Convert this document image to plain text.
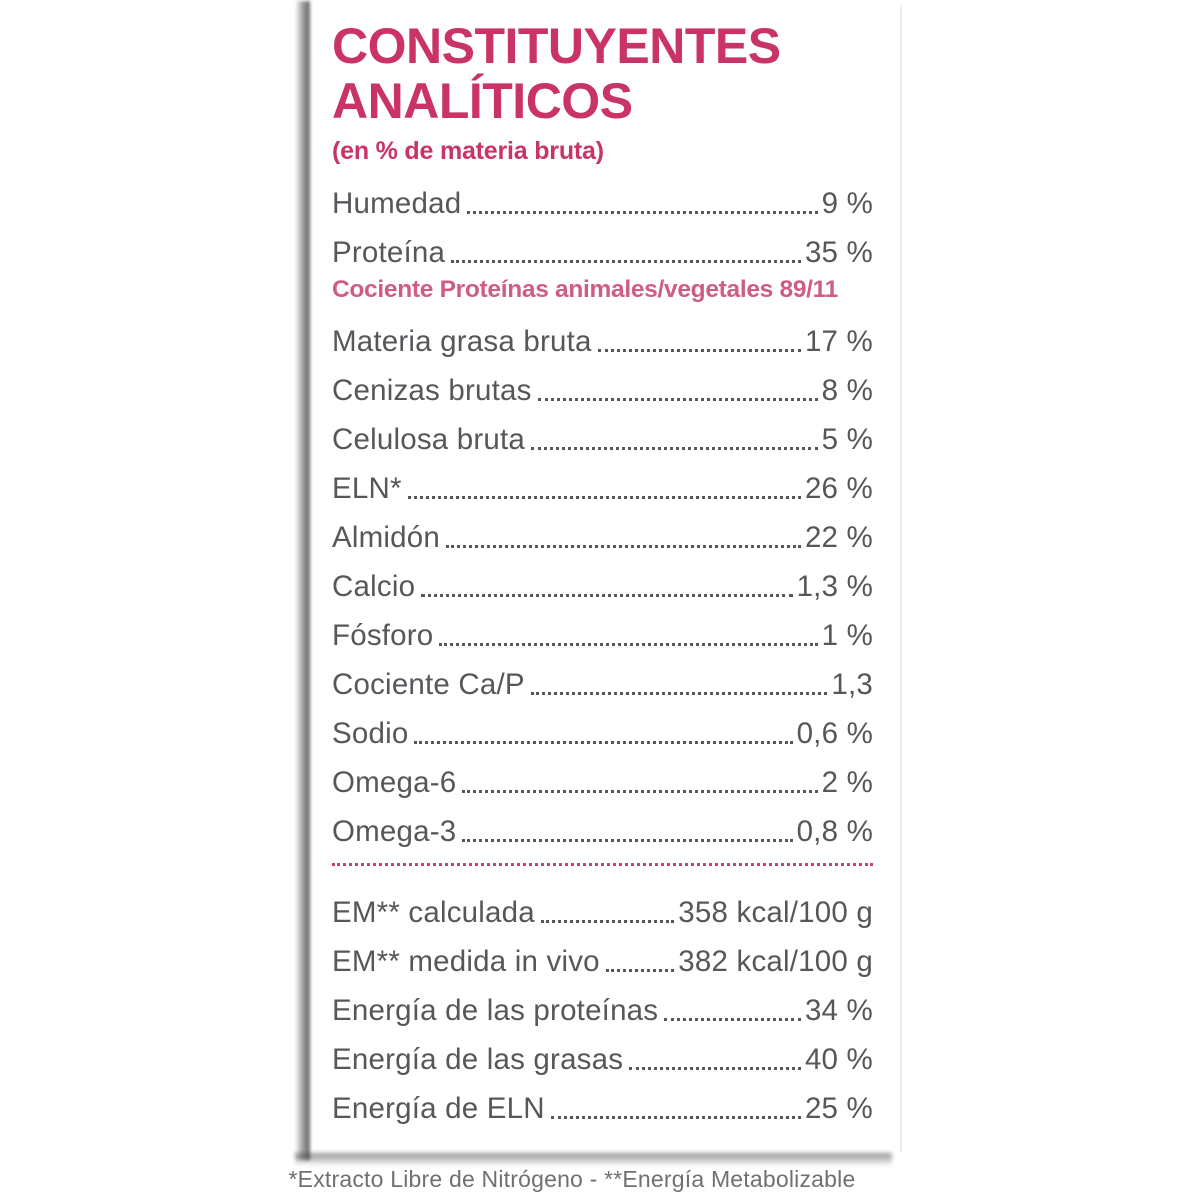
CONSTITUYENTES
ANALÍTICOS
(en % de materia bruta)
Humedad	9 %
Proteína	35 %
Cociente Proteínas animales/vegetales 89/11
Materia grasa bruta	17 %
Cenizas brutas	8 %
Celulosa bruta	5 %
ELN*	26 %
Almidón	22 %
Calcio	1,3 %
Fósforo	1 %
Cociente Ca/P	1,3
Sodio	0,6 %
Omega-6	2 %
Omega-3	0,8 %
EM** calculada	358 kcal/100 g
EM** medida in vivo	382 kcal/100 g
Energía de las proteínas	34 %
Energía de las grasas	40 %
Energía de ELN	25 %
*Extracto Libre de Nitrógeno - **Energía Metabolizable
